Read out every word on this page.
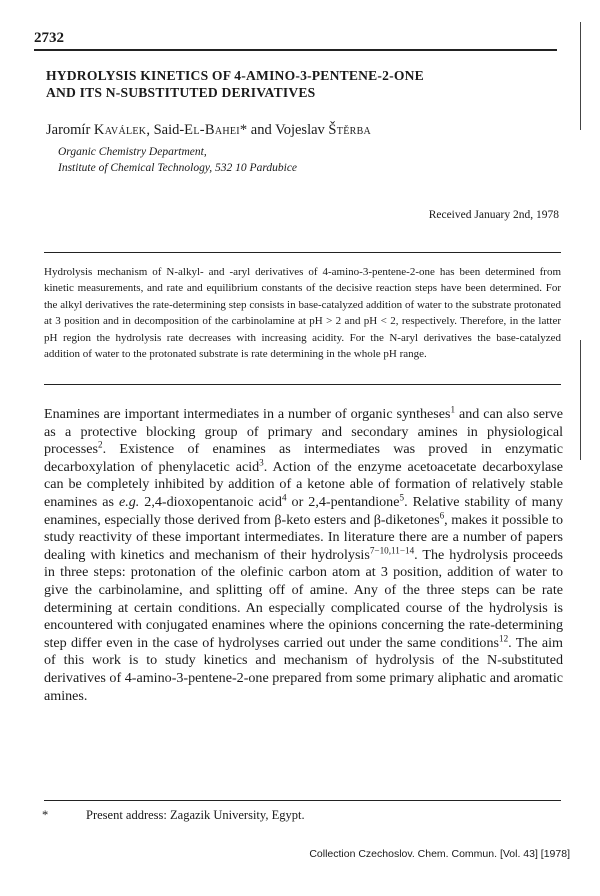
2732
HYDROLYSIS KINETICS OF 4-AMINO-3-PENTENE-2-ONE
AND ITS N-SUBSTITUTED DERIVATIVES
Jaromír Kaválek, Said-El-Bahei* and Vojeslav Štěrba
Organic Chemistry Department,
Institute of Chemical Technology, 532 10 Pardubice
Received January 2nd, 1978
Hydrolysis mechanism of N-alkyl- and -aryl derivatives of 4-amino-3-pentene-2-one has been determined from kinetic measurements, and rate and equilibrium constants of the decisive reaction steps have been determined. For the alkyl derivatives the rate-determining step consists in base-catalyzed addition of water to the substrate protonated at 3 position and in decomposition of the carbinolamine at pH > 2 and pH < 2, respectively. Therefore, in the latter pH region the hydrolysis rate decreases with increasing acidity. For the N-aryl derivatives the base-catalyzed addition of water to the protonated substrate is rate determining in the whole pH range.
Enamines are important intermediates in a number of organic syntheses$^1$ and can also serve as a protective blocking group of primary and secondary amines in physiological processes$^2$. Existence of enamines as intermediates was proved in enzymatic decarboxylation of phenylacetic acid$^3$. Action of the enzyme acetoacetate decarboxylase can be completely inhibited by addition of a ketone able of formation of relatively stable enamines as e.g. 2,4-dioxopentanoic acid$^4$ or 2,4-pentandione$^5$. Relative stability of many enamines, especially those derived from β-keto esters and β-diketones$^6$, makes it possible to study reactivity of these important intermediates. In literature there are a number of papers dealing with kinetics and mechanism of their hydrolysis$^{7-10,11-14}$. The hydrolysis proceeds in three steps: protonation of the olefinic carbon atom at 3 position, addition of water to give the carbinolamine, and splitting off of amine. Any of the three steps can be rate determining at certain conditions. An especially complicated course of the hydrolysis is encountered with conjugated enamines where the opinions concerning the rate-determining step differ even in the case of hydrolyses carried out under the same conditions$^{12}$. The aim of this work is to study kinetics and mechanism of hydrolysis of the N-substituted derivatives of 4-amino-3-pentene-2-one prepared from some primary aliphatic and aromatic amines.
*	Present address: Zagazik University, Egypt.
Collection Czechoslov. Chem. Commun. [Vol. 43] [1978]
